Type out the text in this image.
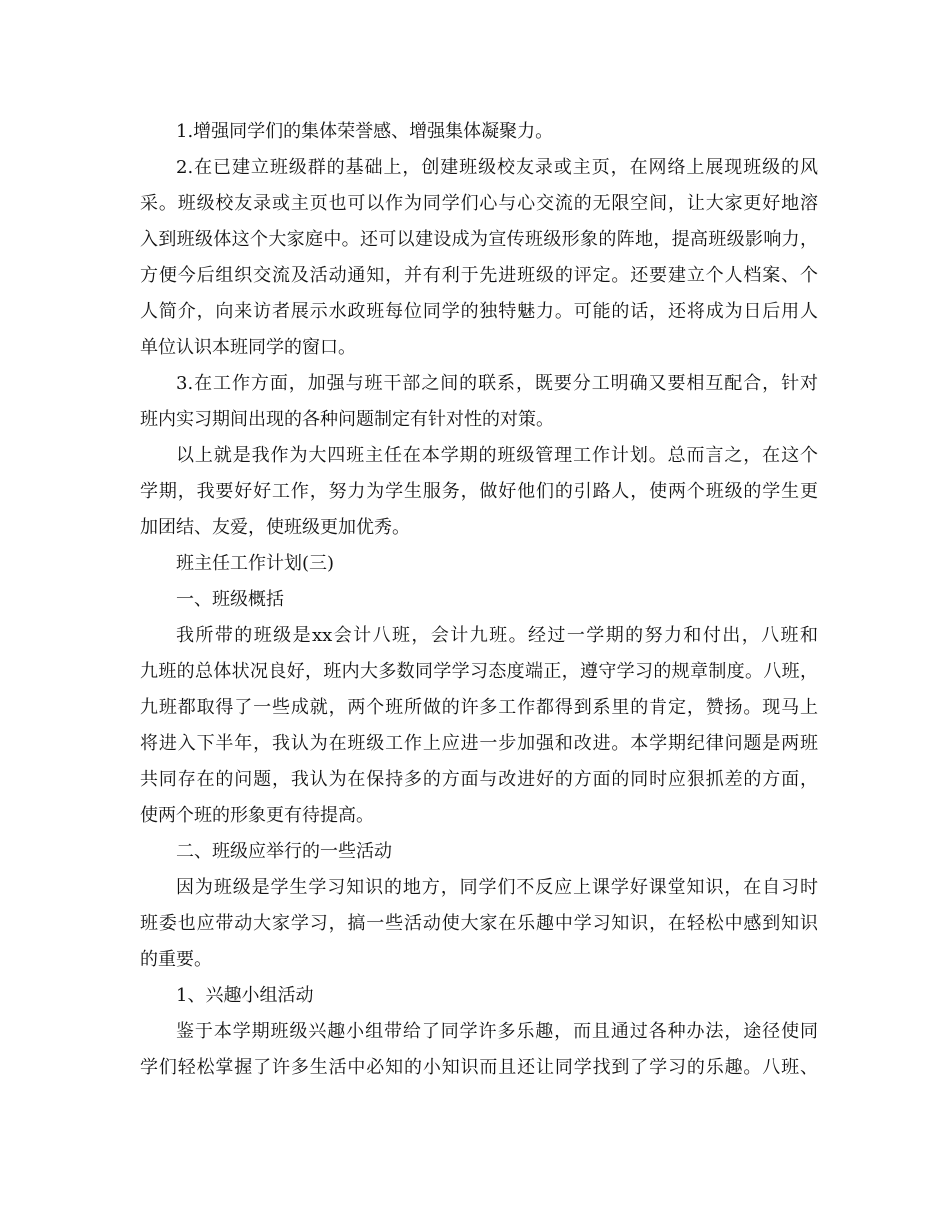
1.增强同学们的集体荣誉感、增强集体凝聚力。
2.在已建立班级群的基础上，创建班级校友录或主页，在网络上展现班级的风
采。班级校友录或主页也可以作为同学们心与心交流的无限空间，让大家更好地溶
入到班级体这个大家庭中。还可以建设成为宣传班级形象的阵地，提高班级影响力，
方便今后组织交流及活动通知，并有利于先进班级的评定。还要建立个人档案、个
人简介，向来访者展示水政班每位同学的独特魅力。可能的话，还将成为日后用人
单位认识本班同学的窗口。
3.在工作方面，加强与班干部之间的联系，既要分工明确又要相互配合，针对
班内实习期间出现的各种问题制定有针对性的对策。
以上就是我作为大四班主任在本学期的班级管理工作计划。总而言之，在这个
学期，我要好好工作，努力为学生服务，做好他们的引路人，使两个班级的学生更
加团结、友爱，使班级更加优秀。
班主任工作计划(三)
一、班级概括
我所带的班级是xx会计八班，会计九班。经过一学期的努力和付出，八班和
九班的总体状况良好，班内大多数同学学习态度端正，遵守学习的规章制度。八班，
九班都取得了一些成就，两个班所做的许多工作都得到系里的肯定，赞扬。现马上
将进入下半年，我认为在班级工作上应进一步加强和改进。本学期纪律问题是两班
共同存在的问题，我认为在保持多的方面与改进好的方面的同时应狠抓差的方面，
使两个班的形象更有待提高。
二、班级应举行的一些活动
因为班级是学生学习知识的地方，同学们不反应上课学好课堂知识，在自习时
班委也应带动大家学习，搞一些活动使大家在乐趣中学习知识，在轻松中感到知识
的重要。
1、兴趣小组活动
鉴于本学期班级兴趣小组带给了同学许多乐趣，而且通过各种办法，途径使同
学们轻松掌握了许多生活中必知的小知识而且还让同学找到了学习的乐趣。八班、
